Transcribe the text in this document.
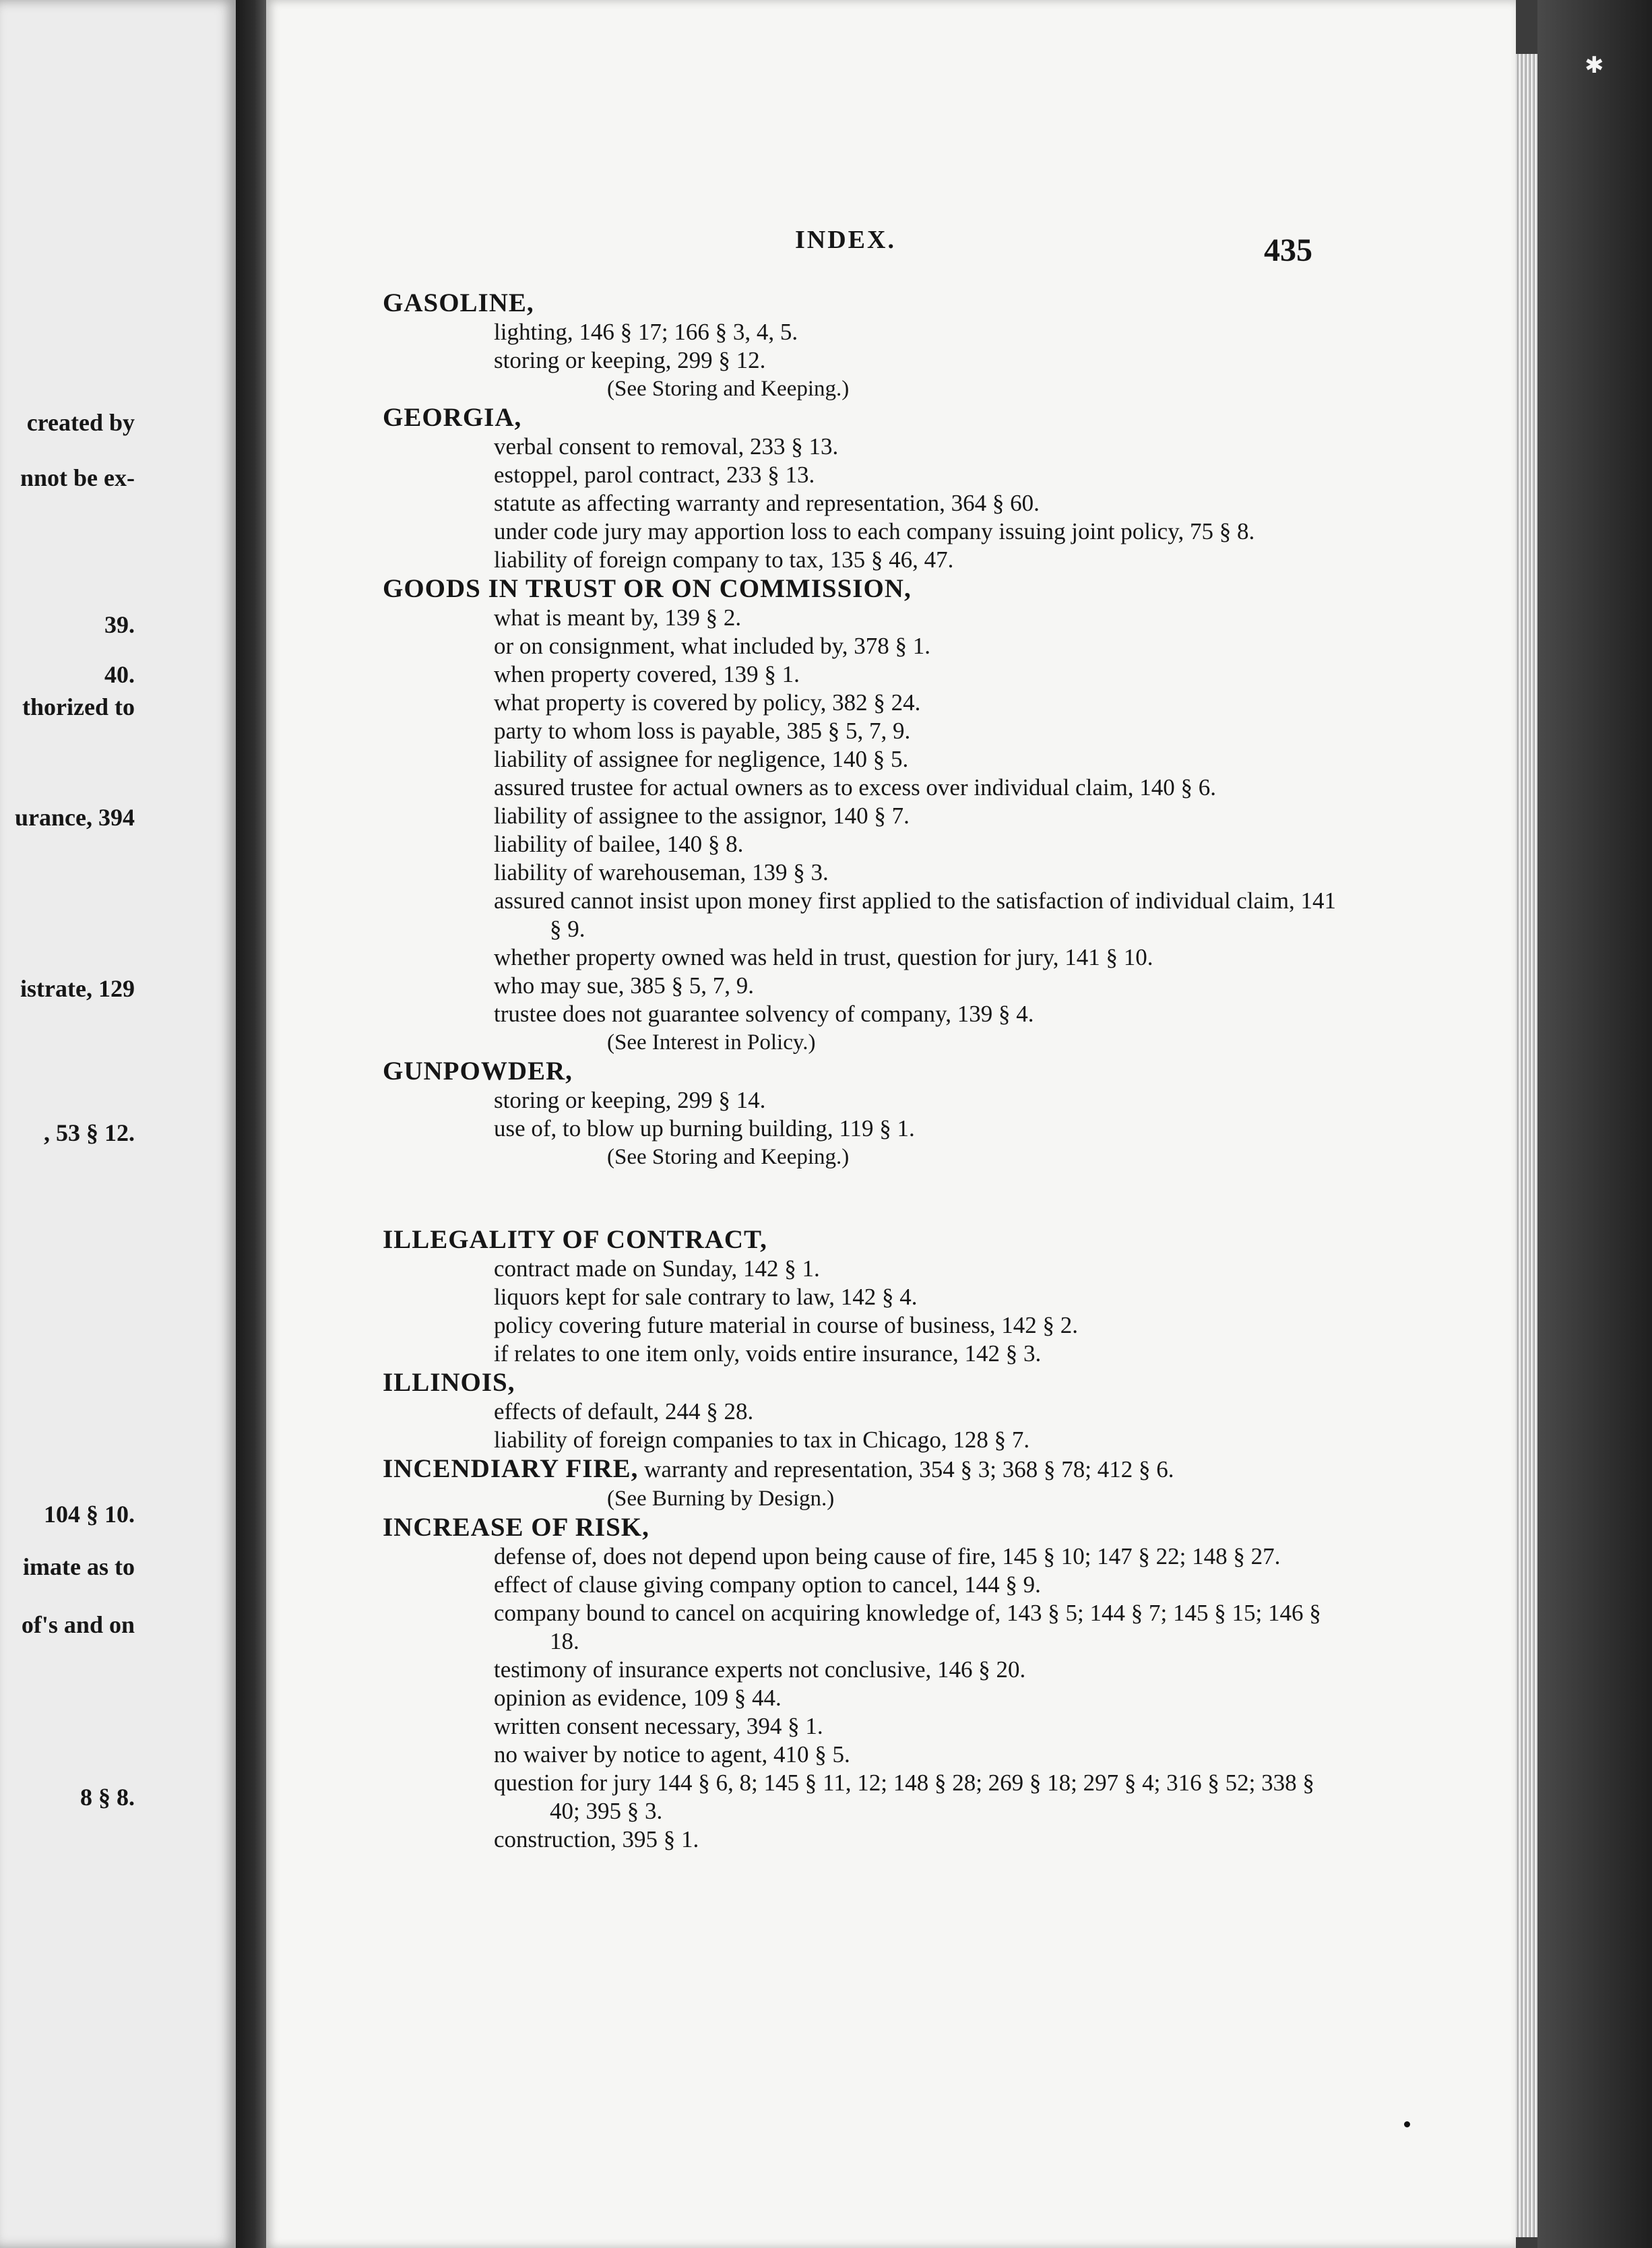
created by
nnot be ex-
39.
40.
thorized to
urance, 394
istrate, 129
, 53 § 12.
104 § 10.
imate as to
of's and on
8 § 8.
✱
INDEX.	435
GASOLINE,
lighting, 146 § 17; 166 § 3, 4, 5.
storing or keeping, 299 § 12.
(See Storing and Keeping.)
GEORGIA,
verbal consent to removal, 233 § 13.
estoppel, parol contract, 233 § 13.
statute as affecting warranty and representation, 364 § 60.
under code jury may apportion loss to each company issuing joint policy, 75 § 8.
liability of foreign company to tax, 135 § 46, 47.
GOODS IN TRUST OR ON COMMISSION,
what is meant by, 139 § 2.
or on consignment, what included by, 378 § 1.
when property covered, 139 § 1.
what property is covered by policy, 382 § 24.
party to whom loss is payable, 385 § 5, 7, 9.
liability of assignee for negligence, 140 § 5.
assured trustee for actual owners as to excess over individual claim, 140 § 6.
liability of assignee to the assignor, 140 § 7.
liability of bailee, 140 § 8.
liability of warehouseman, 139 § 3.
assured cannot insist upon money first applied to the satisfaction of individual claim, 141 § 9.
whether property owned was held in trust, question for jury, 141 § 10.
who may sue, 385 § 5, 7, 9.
trustee does not guarantee solvency of company, 139 § 4.
(See Interest in Policy.)
GUNPOWDER,
storing or keeping, 299 § 14.
use of, to blow up burning building, 119 § 1.
(See Storing and Keeping.)
ILLEGALITY OF CONTRACT,
contract made on Sunday, 142 § 1.
liquors kept for sale contrary to law, 142 § 4.
policy covering future material in course of business, 142 § 2.
if relates to one item only, voids entire insurance, 142 § 3.
ILLINOIS,
effects of default, 244 § 28.
liability of foreign companies to tax in Chicago, 128 § 7.
INCENDIARY FIRE, warranty and representation, 354 § 3; 368 § 78; 412 § 6.
(See Burning by Design.)
INCREASE OF RISK,
defense of, does not depend upon being cause of fire, 145 § 10; 147 § 22; 148 § 27.
effect of clause giving company option to cancel, 144 § 9.
company bound to cancel on acquiring knowledge of, 143 § 5; 144 § 7; 145 § 15; 146 § 18.
testimony of insurance experts not conclusive, 146 § 20.
opinion as evidence, 109 § 44.
written consent necessary, 394 § 1.
no waiver by notice to agent, 410 § 5.
question for jury 144 § 6, 8; 145 § 11, 12; 148 § 28; 269 § 18; 297 § 4; 316 § 52; 338 § 40; 395 § 3.
construction, 395 § 1.
